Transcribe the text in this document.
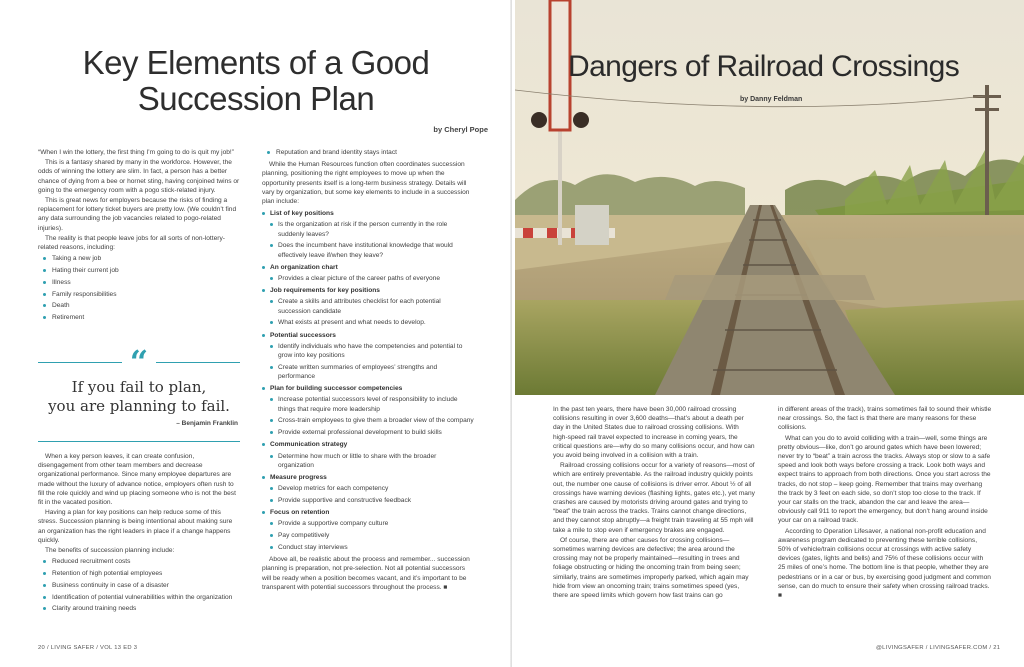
Key Elements of a Good
Succession Plan
by Cheryl Pope

“When I win the lottery, the first thing I’m going to do is quit my job!”

This is a fantasy shared by many in the workforce. However, the odds of winning the lottery are slim. In fact, a person has a better chance of dying from a bee or hornet sting, having conjoined twins or going to the emergency room with a pogo stick-related injury.

This is great news for employers because the risks of finding a replacement for lottery ticket buyers are pretty low. (We couldn’t find any data surrounding the job vacancies related to pogo-related injuries).

The reality is that people leave jobs for all sorts of non-lottery-related reasons, including:

Taking a new job
Hating their current job
Illness
Family responsibilities
Death
Retirement
“
If you fail to plan,
you are planning to fail.
– Benjamin Franklin

When a key person leaves, it can create confusion, disengagement from other team members and decrease organizational performance. Since many employee departures are made without the luxury of advance notice, employers often rush to fill the role quickly and wind up placing someone who is not the best fit in the vacated position.

Having a plan for key positions can help reduce some of this stress. Succession planning is being intentional about making sure an organization has the right leaders in place if a change happens quickly.

The benefits of succession planning include:

Reduced recruitment costs
Retention of high potential employees
Business continuity in case of a disaster
Identification of potential vulnerabilities within the organization
Clarity around training needs
Reputation and brand identity stays intact

While the Human Resources function often coordinates succession planning, positioning the right employees to move up when the opportunity presents itself is a long-term business strategy. Details will vary by organization, but some key elements to include in a succession plan include:

List of key positions
Is the organization at risk if the person currently in the role suddenly leaves?
Does the incumbent have institutional knowledge that would effectively leave if/when they leave?
An organization chart
Provides a clear picture of the career paths of everyone
Job requirements for key positions
Create a skills and attributes checklist for each potential succession candidate
What exists at present and what needs to develop.
Potential successors
Identify individuals who have the competencies and potential to grow into key positions
Create written summaries of employees’ strengths and performance
Plan for building successor competencies
Increase potential successors level of responsibility to include things that require more leadership
Cross-train employees to give them a broader view of the company
Provide external professional development to build skills
Communication strategy
Determine how much or little to share with the broader organization
Measure progress
Develop metrics for each competency
Provide supportive and constructive feedback
Focus on retention
Provide a supportive company culture
Pay competitively
Conduct stay interviews

Above all, be realistic about the process and remember... succession planning is preparation, not pre-selection. Not all potential successors will be ready when a position becomes vacant, and it’s important to be transparent with potential successors throughout the process. ■

20 / LIVING SAFER / VOL 13 ED 3
Dangers of Railroad Crossings
by Danny Feldman

In the past ten years, there have been 30,000 railroad crossing collisions resulting in over 3,600 deaths—that’s about a death per day in the United States due to railroad crossing collisions. With high-speed rail travel expected to increase in coming years, the critical questions are—why do so many collisions occur, and how can you avoid being involved in a collision with a train.

Railroad crossing collisions occur for a variety of reasons—most of which are entirely preventable. As the railroad industry quickly points out, the number one cause of collisions is driver error. About ½ of all crossings have warning devices (flashing lights, gates etc.), yet many crashes are caused by motorists driving around gates and trying to “beat” the train across the tracks. Trains cannot change directions, and they cannot stop abruptly—a freight train traveling at 55 mph will take a mile to stop even if emergency brakes are engaged.

Of course, there are other causes for crossing collisions—sometimes warning devices are defective; the area around the crossing may not be properly maintained—resulting in trees and foliage obstructing or hiding the oncoming train from being seen; similarly, trains are sometimes improperly parked, which again may hide from view an oncoming train; trains sometimes speed (yes, there are speed limits which govern how fast trains can go

in different areas of the track), trains sometimes fail to sound their whistle near crossings. So, the fact is that there are many reasons for these collisions.

What can you do to avoid colliding with a train—well, some things are pretty obvious—like, don’t go around gates which have been lowered; never try to “beat” a train across the tracks. Always stop or slow to a safe speed and look both ways before crossing a track. Look both ways and expect trains to approach from both directions. Once you start across the tracks, do not stop – keep going. Remember that trains may overhang the track by 3 feet on each side, so don’t stop too close to the track. If your car stalls on the track, abandon the car and leave the area—obviously call 911 to report the emergency, but don’t hang around inside your car on a railroad track.

According to Operation Lifesaver, a national non-profit education and awareness program dedicated to preventing these terrible collisions, 50% of vehicle/train collisions occur at crossings with active safety devices (gates, lights and bells) and 75% of these collisions occur with 25 miles of one’s home. The bottom line is that people, whether they are pedestrians or in a car or bus, by exercising good judgment and common sense, can do much to ensure their safety when crossing railroad tracks. ■

@LIVINGSAFER / LIVINGSAFER.COM / 21
